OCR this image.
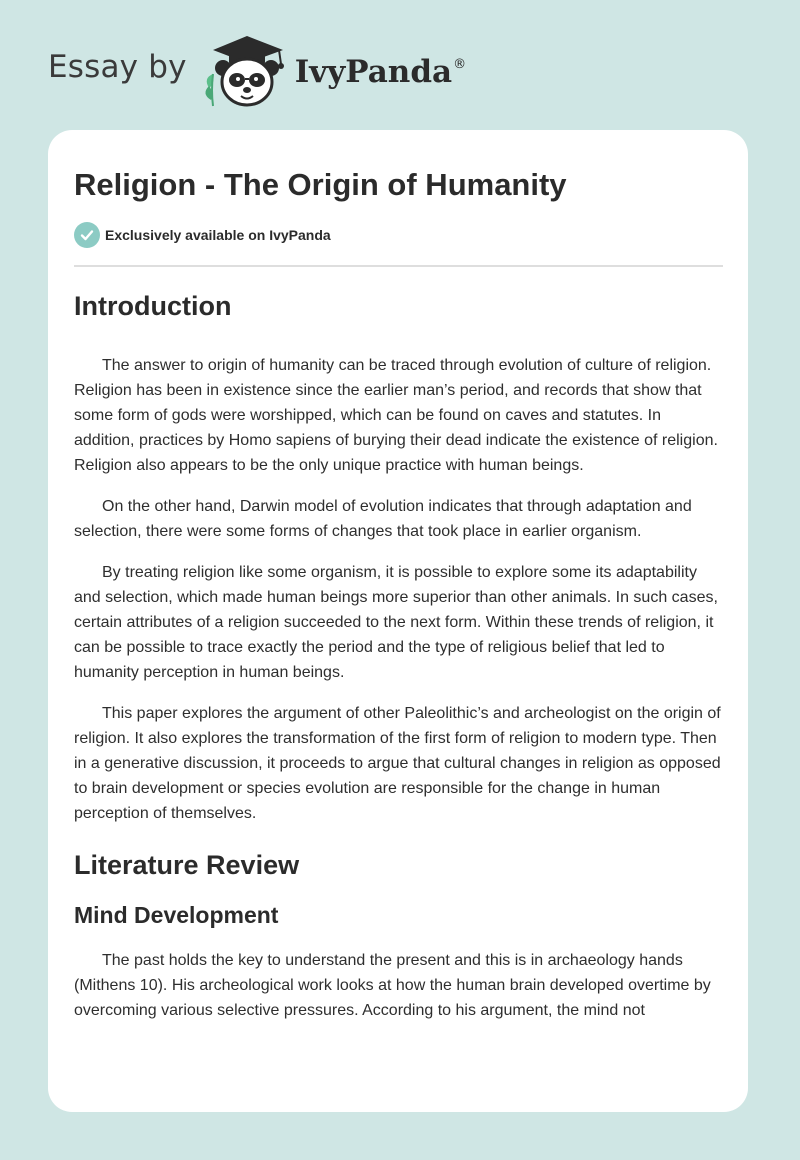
Essay by	IvyPanda ®
Religion - The Origin of Humanity
Exclusively available on IvyPanda
Introduction

The answer to origin of humanity can be traced through evolution of culture of religion. Religion has been in existence since the earlier man’s period, and records that show that some form of gods were worshipped, which can be found on caves and statutes. In addition, practices by Homo sapiens of burying their dead indicate the existence of religion. Religion also appears to be the only unique practice with human beings.

On the other hand, Darwin model of evolution indicates that through adaptation and selection, there were some forms of changes that took place in earlier organism.

By treating religion like some organism, it is possible to explore some its adaptability and selection, which made human beings more superior than other animals. In such cases, certain attributes of a religion succeeded to the next form. Within these trends of religion, it can be possible to trace exactly the period and the type of religious belief that led to humanity perception in human beings.

This paper explores the argument of other Paleolithic’s and archeologist on the origin of religion. It also explores the transformation of the first form of religion to modern type. Then in a generative discussion, it proceeds to argue that cultural changes in religion as opposed to brain development or species evolution are responsible for the change in human perception of themselves.

Literature Review
Mind Development

The past holds the key to understand the present and this is in archaeology hands (Mithens 10). His archeological work looks at how the human brain developed overtime by overcoming various selective pressures. According to his argument, the mind not
